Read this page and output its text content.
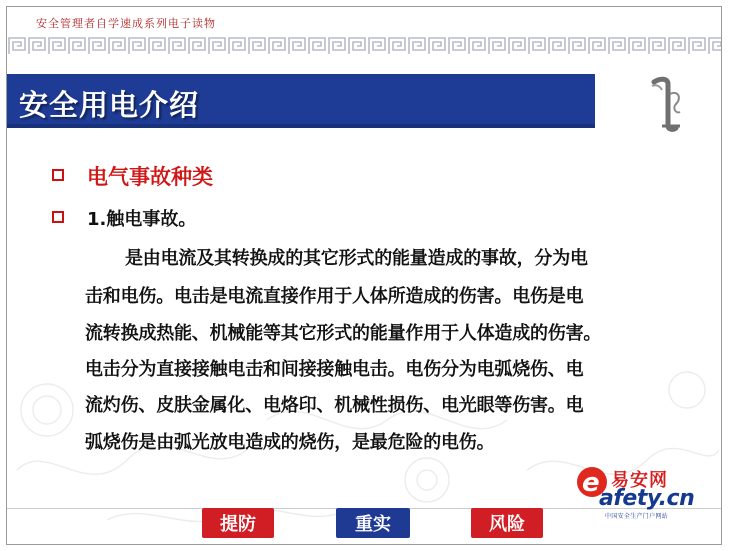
安全管理者自学速成系列电子读物
安全用电介绍
电气事故种类
1.触电事故。
是由电流及其转换成的其它形式的能量造成的事故，分为电
击和电伤。电击是电流直接作用于人体所造成的伤害。电伤是电
流转换成热能、机械能等其它形式的能量作用于人体造成的伤害。
电击分为直接接触电击和间接接触电击。电伤分为电弧烧伤、电
流灼伤、皮肤金属化、电烙印、机械性损伤、电光眼等伤害。电
弧烧伤是由弧光放电造成的烧伤，是最危险的电伤。
e 易安网
afety.cn
中国安全生产门户网站
提防	重实	风险
